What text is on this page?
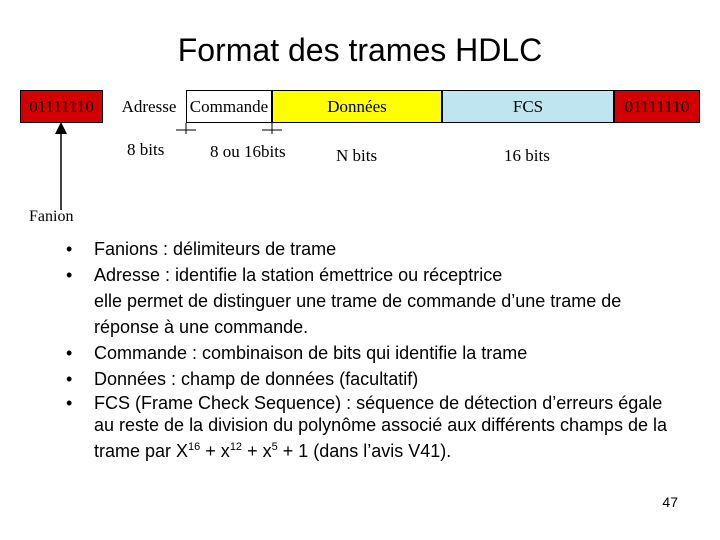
Format des trames HDLC
01111110	Adresse Commande	Données	FCS	01111110
8 bits	8 ou 16bits	N bits	16 bits
Fanion
• Fanions : délimiteurs de trame
• Adresse : identifie la station émettrice ou réceptrice
elle permet de distinguer une trame de commande d’une trame de réponse à une commande.
• Commande : combinaison de bits qui identifie la trame
• Données : champ de données (facultatif)
• FCS (Frame Check Sequence) : séquence de détection d’erreurs égale au reste de la division du polynôme associé aux différents champs de la trame par $X^{16} + x^{12} + x^5 + 1$ (dans l’avis V41).
47
